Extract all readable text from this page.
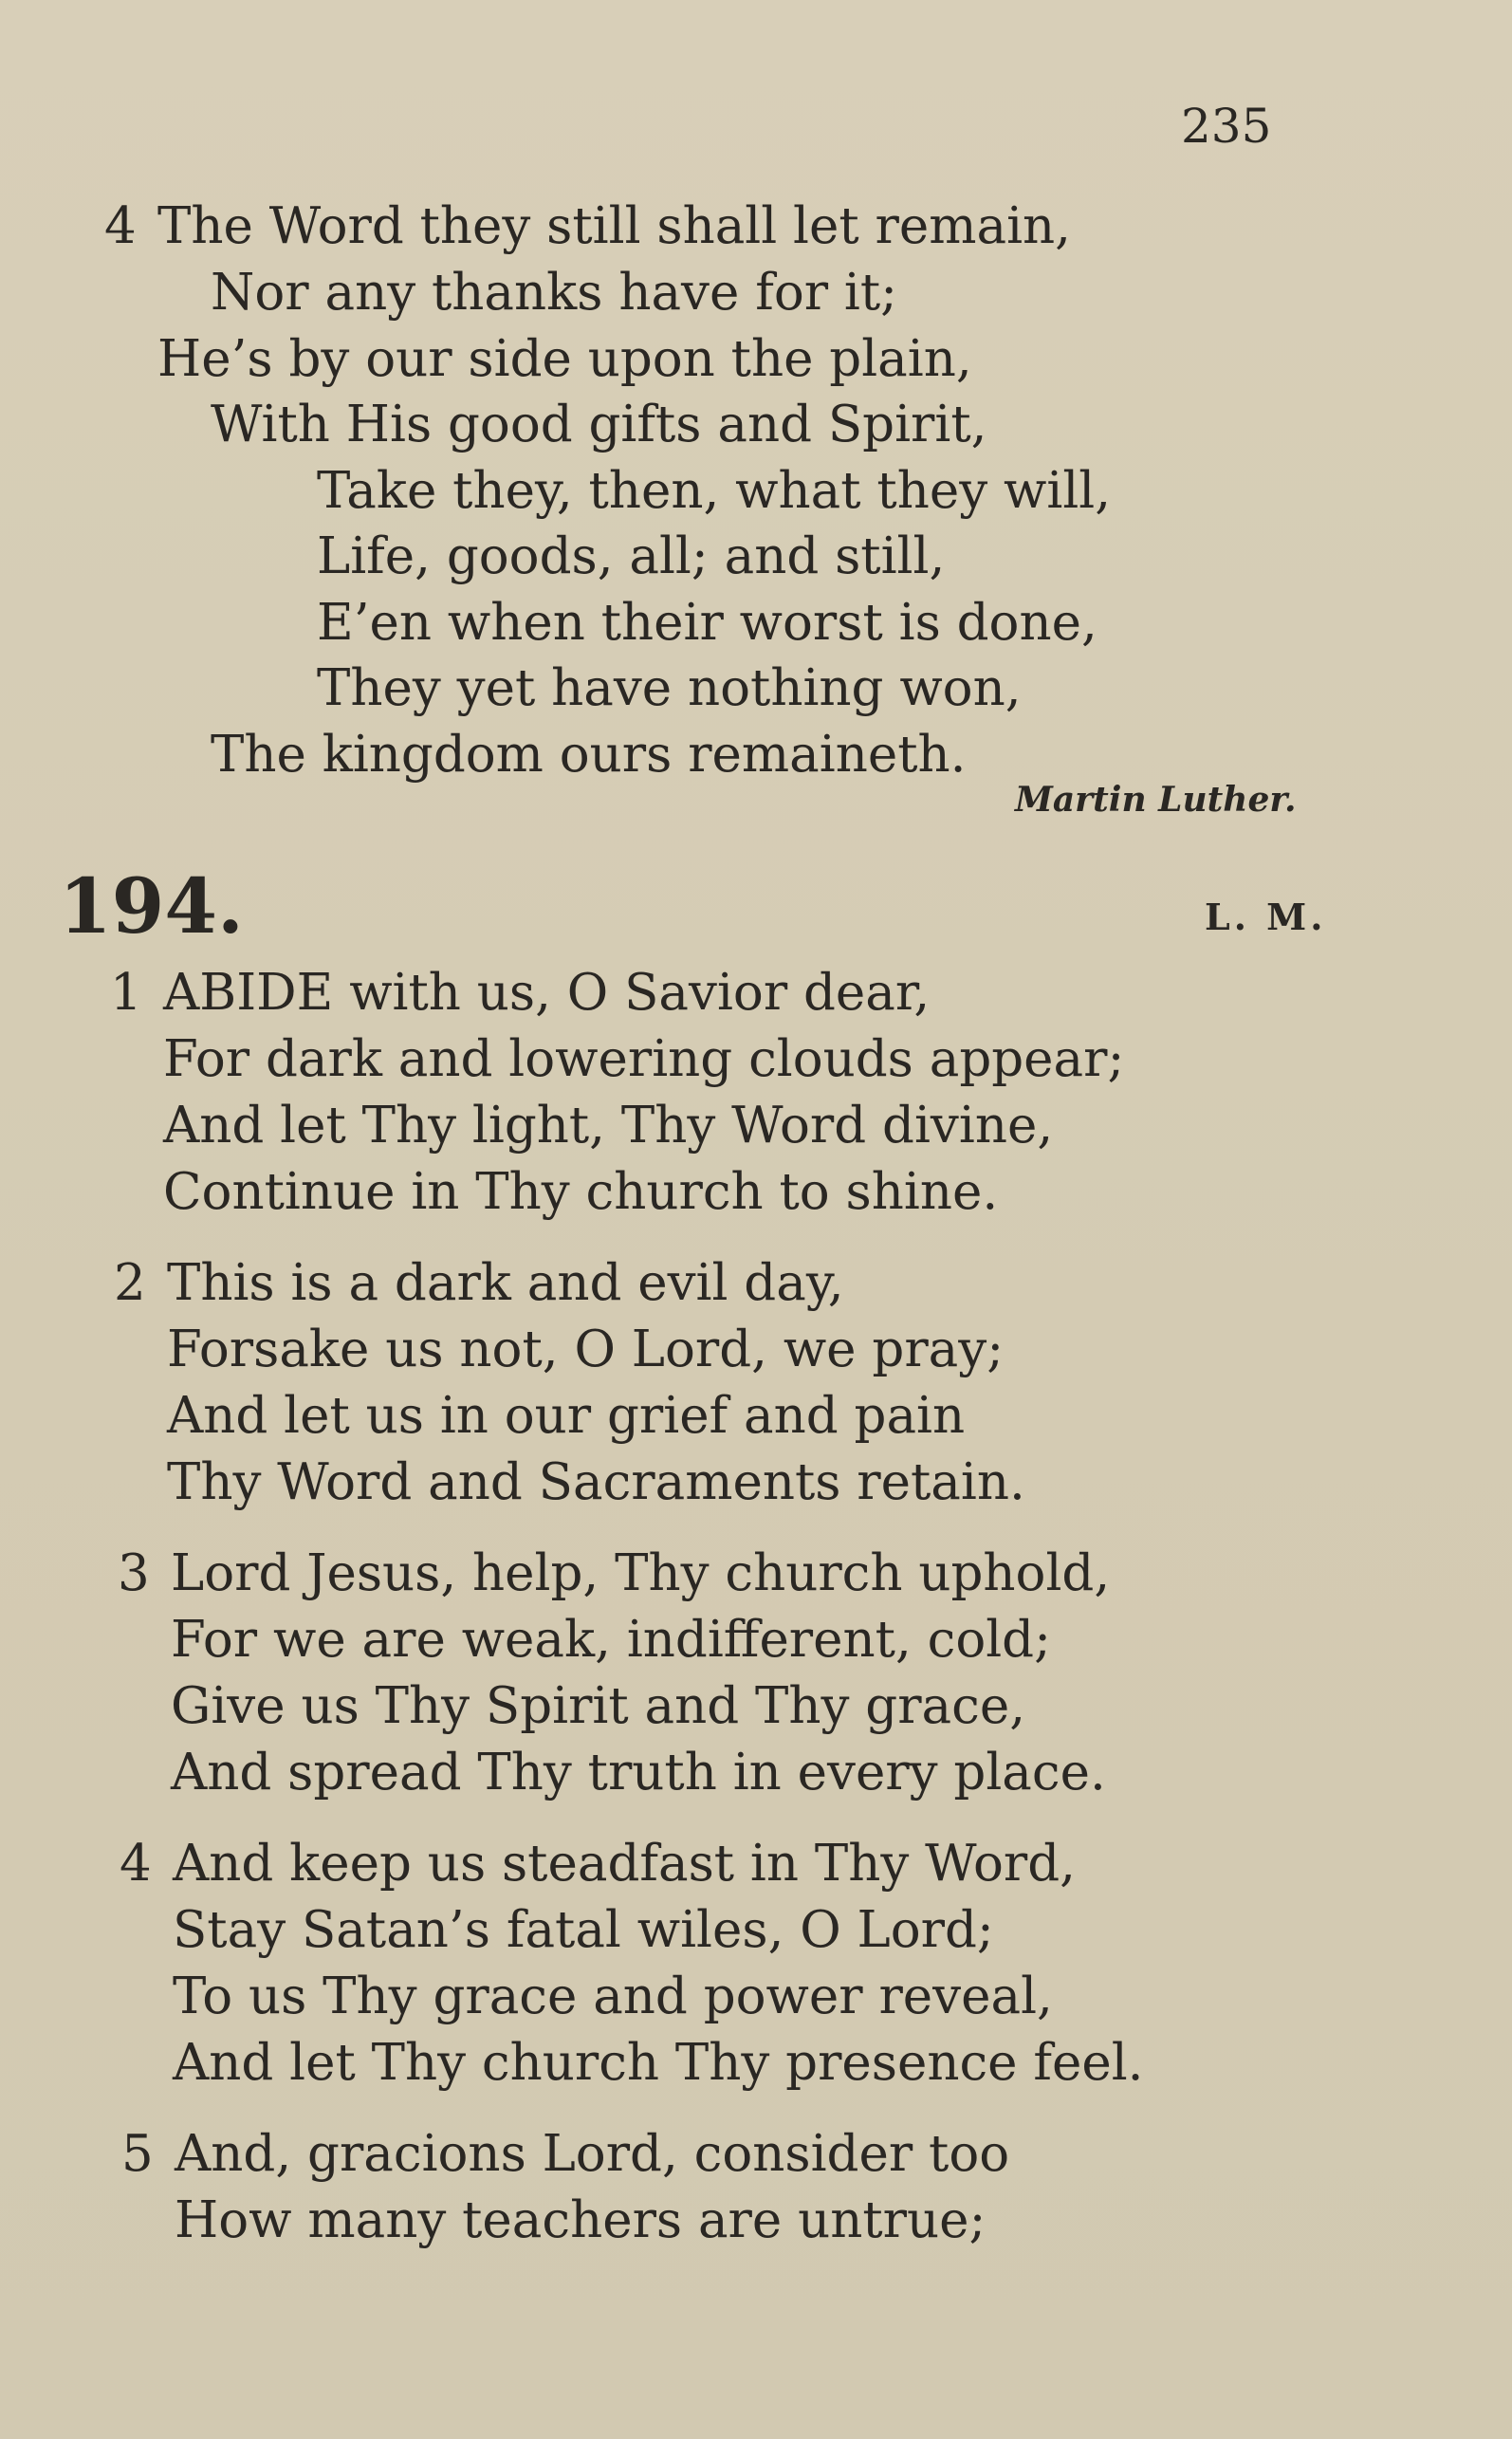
235
4 The Word they still shall let remain,
Nor any thanks have for it;
He’s by our side upon the plain,
With His good gifts and Spirit,
Take they, then, what they will,
Life, goods, all; and still,
E’en when their worst is done,
They yet have nothing won,
The kingdom ours remaineth.
Martin Luther.
194.	L. M.
1 ABIDE with us, O Savior dear,
For dark and lowering clouds appear;
And let Thy light, Thy Word divine,
Continue in Thy church to shine.
2 This is a dark and evil day,
Forsake us not, O Lord, we pray;
And let us in our grief and pain
Thy Word and Sacraments retain.
3 Lord Jesus, help, Thy church uphold,
For we are weak, indifferent, cold;
Give us Thy Spirit and Thy grace,
And spread Thy truth in every place.
4 And keep us steadfast in Thy Word,
Stay Satan’s fatal wiles, O Lord;
To us Thy grace and power reveal,
And let Thy church Thy presence feel.
5 And, gracions Lord, consider too
How many teachers are untrue;
